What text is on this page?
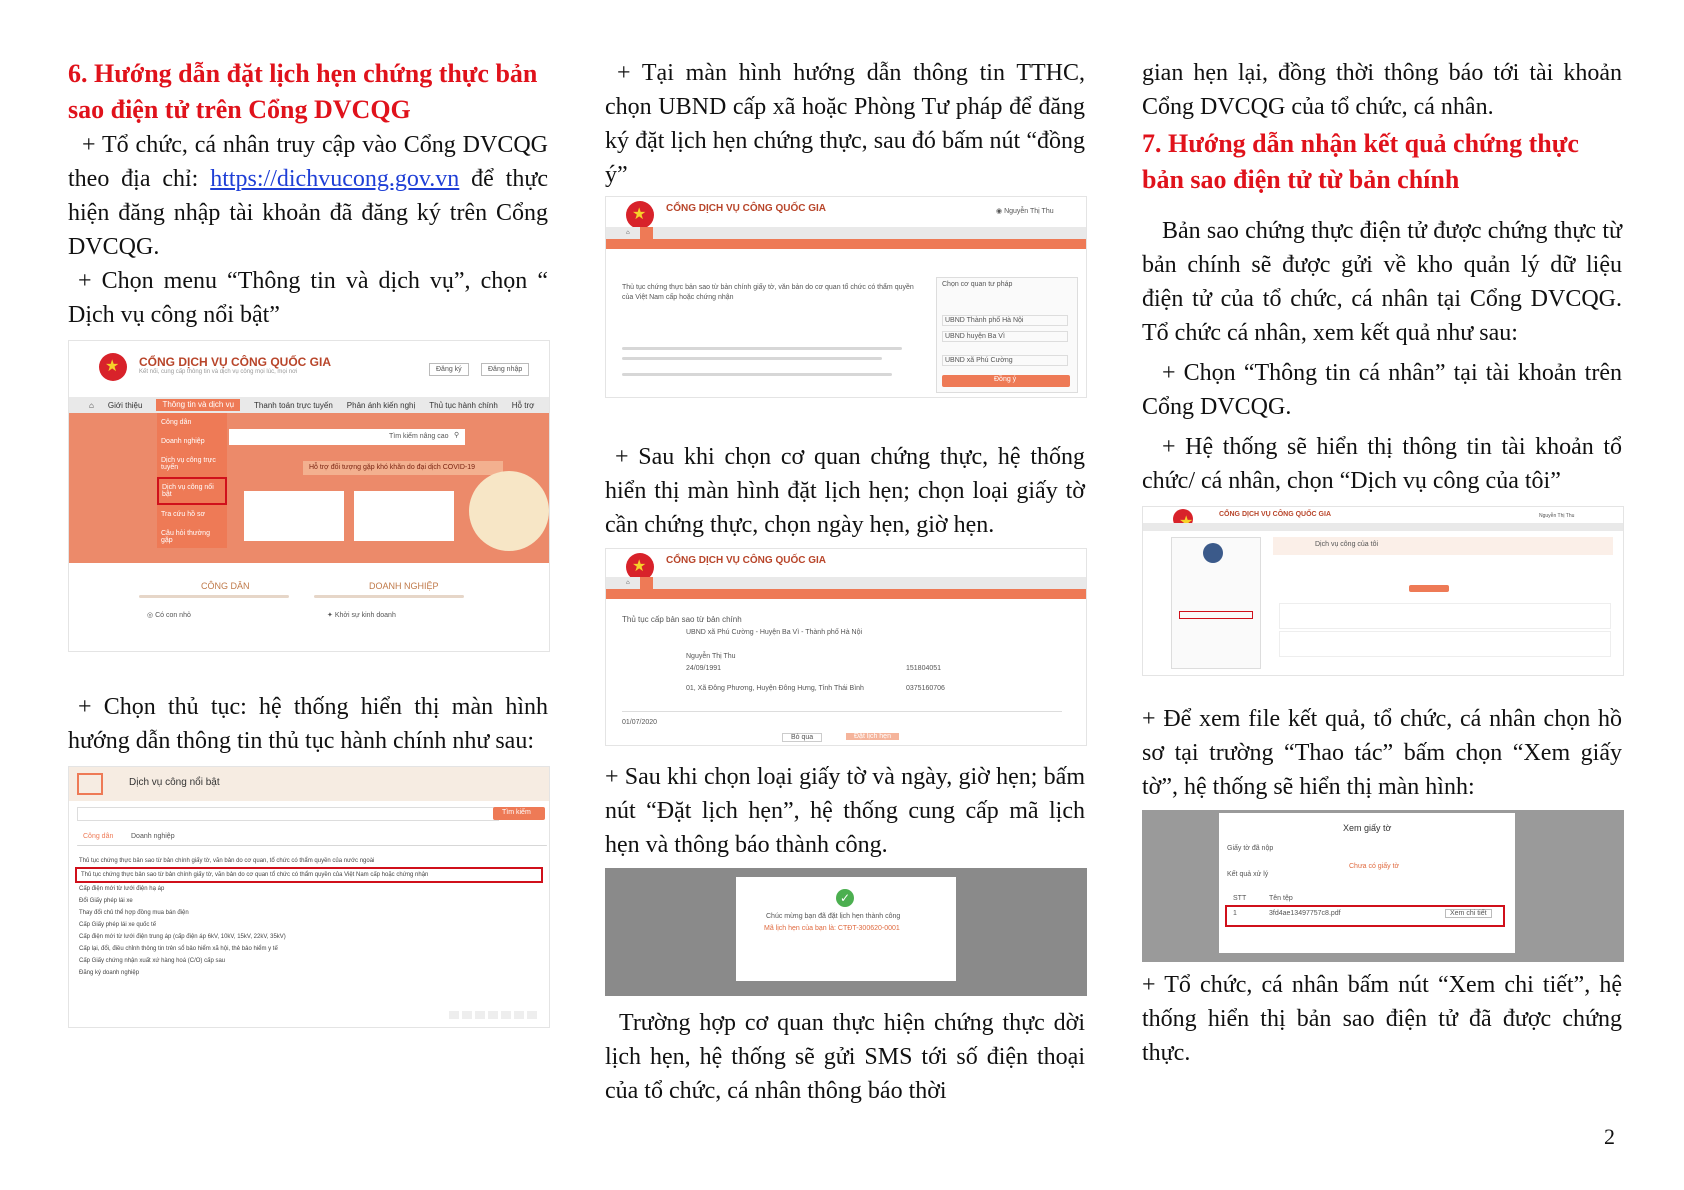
6. Hướng dẫn đặt lịch hẹn chứng thực bản sao điện tử trên Cổng DVCQG

+ Tổ chức, cá nhân truy cập vào Cổng DVCQG theo địa chỉ: https://dichvucong.gov.vn để thực hiện đăng nhập tài khoản đã đăng ký trên Cổng DVCQG.

+ Chọn menu “Thông tin và dịch vụ”, chọn “ Dịch vụ công nổi bật”

★
CỔNG DỊCH VỤ CÔNG QUỐC GIA
Kết nối, cung cấp thông tin và dịch vụ công mọi lúc, mọi nơi	Đăng ký	Đăng nhập
⌂ Giới thiệu	Thông tin và dịch vụ	Thanh toán trực tuyến Phản ánh kiến nghị Thủ tục hành chính Hỗ trợ
Công dân
Doanh nghiệp
Dịch vụ công trực tuyến
Dịch vụ công nổi bật
Tra cứu hồ sơ
Câu hỏi thường gặp
Tìm kiếm nâng cao ⚲
Hỗ trợ đối tượng gặp khó khăn do đại dịch COVID-19
CÔNG DÂN	DOANH NGHIỆP
◎ Có con nhỏ	✦ Khởi sự kinh doanh

+ Chọn thủ tục: hệ thống hiển thị màn hình hướng dẫn thông tin thủ tục hành chính như sau:

Dịch vụ công nổi bật
Tìm kiếm
Công dân	Doanh nghiệp
Thủ tục chứng thực bản sao từ bản chính giấy tờ, văn bản do cơ quan, tổ chức có thẩm quyền của nước ngoài
Thủ tục chứng thực bản sao từ bản chính giấy tờ, văn bản do cơ quan tổ chức có thẩm quyền của Việt Nam cấp hoặc chứng nhận
Cấp điện mới từ lưới điện hạ áp
Đổi Giấy phép lái xe
Thay đổi chủ thể hợp đồng mua bán điện
Cấp Giấy phép lái xe quốc tế
Cấp điện mới từ lưới điện trung áp (cấp điện áp 6kV, 10kV, 15kV, 22kV, 35kV)
Cấp lại, đổi, điều chỉnh thông tin trên sổ bảo hiểm xã hội, thẻ bảo hiểm y tế
Cấp Giấy chứng nhận xuất xứ hàng hoá (C/O) cấp sau
Đăng ký doanh nghiệp

+ Tại màn hình hướng dẫn thông tin TTHC, chọn UBND cấp xã hoặc Phòng Tư pháp để đăng ký đặt lịch hẹn chứng thực, sau đó bấm nút “đồng ý”

★
CỔNG DỊCH VỤ CÔNG QUỐC GIA	◉ Nguyễn Thị Thu
⌂

Thủ tục chứng thực bản sao từ bản chính giấy tờ, văn bản do cơ quan tổ chức có thẩm quyền của Việt Nam cấp hoặc chứng nhận
Chọn cơ quan tư pháp
UBND Thành phố Hà Nội
UBND huyện Ba Vì
UBND xã Phú Cường
Đồng ý

+ Sau khi chọn cơ quan chứng thực, hệ thống hiển thị màn hình đặt lịch hẹn; chọn loại giấy tờ cần chứng thực, chọn ngày hẹn, giờ hẹn.

★
CỔNG DỊCH VỤ CÔNG QUỐC GIA
⌂

Thủ tục cấp bản sao từ bản chính
UBND xã Phú Cường - Huyện Ba Vì - Thành phố Hà Nội
Nguyễn Thị Thu
24/09/1991	151804051
01, Xã Đông Phương, Huyện Đông Hưng, Tỉnh Thái Bình	0375160706
01/07/2020
Bỏ qua	Đặt lịch hẹn

+ Sau khi chọn loại giấy tờ và ngày, giờ hẹn; bấm nút “Đặt lịch hẹn”, hệ thống cung cấp mã lịch hẹn và thông báo thành công.

✓
Chúc mừng bạn đã đặt lịch hẹn thành công
Mã lịch hẹn của bạn là: CTĐT-300620-0001

Trường hợp cơ quan thực hiện chứng thực dời lịch hẹn, hệ thống sẽ gửi SMS tới số điện thoại của tổ chức, cá nhân thông báo thời

gian hẹn lại, đồng thời thông báo tới tài khoản Cổng DVCQG của tổ chức, cá nhân.

7. Hướng dẫn nhận kết quả chứng thực bản sao điện tử từ bản chính

Bản sao chứng thực điện tử được chứng thực từ bản chính sẽ được gửi về kho quản lý dữ liệu điện tử của tổ chức, cá nhân tại Cổng DVCQG. Tổ chức cá nhân, xem kết quả như sau:

+ Chọn “Thông tin cá nhân” tại tài khoản trên Cổng DVCQG.

+ Hệ thống sẽ hiển thị thông tin tài khoản tổ chức/ cá nhân, chọn “Dịch vụ công của tôi”

★
CỔNG DỊCH VỤ CÔNG QUỐC GIA	Nguyễn Thị Thu
Dịch vụ công của tôi

+ Để xem file kết quả, tổ chức, cá nhân chọn hồ sơ tại trường “Thao tác” bấm chọn “Xem giấy tờ”, hệ thống sẽ hiển thị màn hình:

Xem giấy tờ
Giấy tờ đã nộp
Chưa có giấy tờ
Kết quả xử lý
STT	Tên tệp
1	3fd4ae13497757c8.pdf	Xem chi tiết

+ Tổ chức, cá nhân bấm nút “Xem chi tiết”, hệ thống hiển thị bản sao điện tử đã được chứng thực.

2
